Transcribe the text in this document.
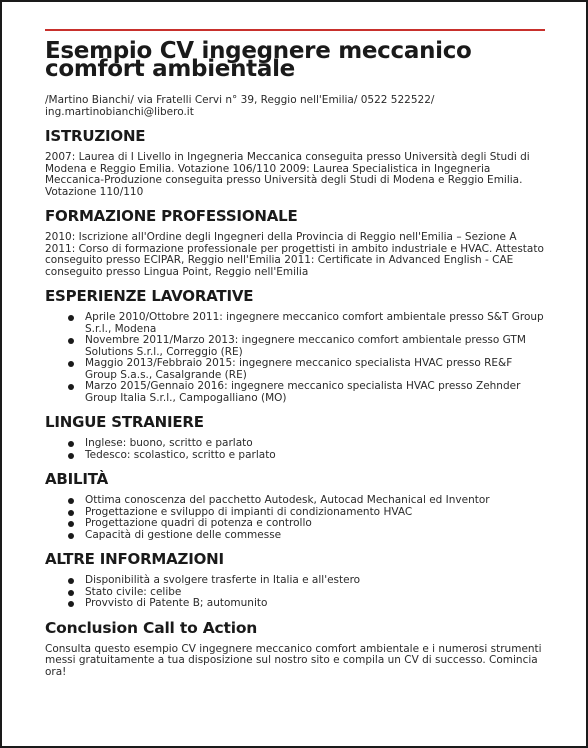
Esempio CV ingegnere meccanico comfort ambientale
/Martino Bianchi/ via Fratelli Cervi n° 39, Reggio nell'Emilia/ 0522 522522/
ing.martinobianchi@libero.it
ISTRUZIONE

2007: Laurea di I Livello in Ingegneria Meccanica conseguita presso Università degli Studi di Modena e Reggio Emilia. Votazione 106/110 2009: Laurea Specialistica in Ingegneria Meccanica-Produzione conseguita presso Università degli Studi di Modena e Reggio Emilia. Votazione 110/110

FORMAZIONE PROFESSIONALE

2010: Iscrizione all'Ordine degli Ingegneri della Provincia di Reggio nell'Emilia – Sezione A 2011: Corso di formazione professionale per progettisti in ambito industriale e HVAC. Attestato conseguito presso ECIPAR, Reggio nell'Emilia 2011: Certificate in Advanced English - CAE conseguito presso Lingua Point, Reggio nell'Emilia

ESPERIENZE LAVORATIVE
Aprile 2010/Ottobre 2011: ingegnere meccanico comfort ambientale presso S&T Group S.r.l., Modena
Novembre 2011/Marzo 2013: ingegnere meccanico comfort ambientale presso GTM Solutions S.r.l., Correggio (RE)
Maggio 2013/Febbraio 2015: ingegnere meccanico specialista HVAC presso RE&F Group S.a.s., Casalgrande (RE)
Marzo 2015/Gennaio 2016: ingegnere meccanico specialista HVAC presso Zehnder Group Italia S.r.l., Campogalliano (MO)
LINGUE STRANIERE
Inglese: buono, scritto e parlato
Tedesco: scolastico, scritto e parlato
ABILITÀ
Ottima conoscenza del pacchetto Autodesk, Autocad Mechanical ed Inventor
Progettazione e sviluppo di impianti di condizionamento HVAC
Progettazione quadri di potenza e controllo
Capacità di gestione delle commesse
ALTRE INFORMAZIONI
Disponibilità a svolgere trasferte in Italia e all'estero
Stato civile: celibe
Provvisto di Patente B; automunito
Conclusion Call to Action

Consulta questo esempio CV ingegnere meccanico comfort ambientale e i numerosi strumenti messi gratuitamente a tua disposizione sul nostro sito e compila un CV di successo. Comincia ora!
